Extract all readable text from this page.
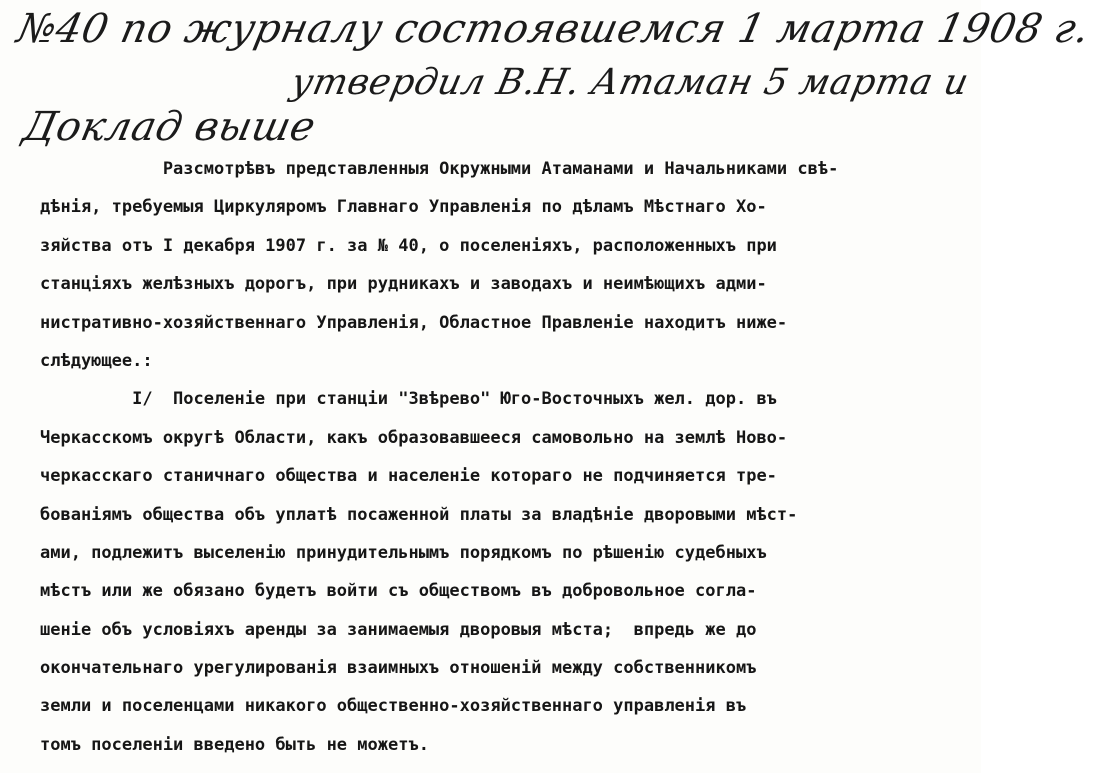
№40 по журналу состоявшемся 1 марта 1908 г.
утвердил В.Н. Атаман 5 марта и
Доклад выше
Разсмотрѣвъ представленныя Окружными Атаманами и Начальниками свѣ-
дѣнія, требуемыя Циркуляромъ Главнаго Управленія по дѣламъ Мѣстнаго Хо-
зяйства отъ I декабря 1907 г. за № 40, о поселеніяхъ, расположенныхъ при
станціяхъ желѣзныхъ дорогъ, при рудникахъ и заводахъ и неимѣющихъ адми-
нистративно-хозяйственнаго Управленія, Областное Правленіе находитъ ниже-
слѣдующее.:
I/  Поселеніе при станціи "Звѣрево" Юго-Восточныхъ жел. дор. въ
Черкасскомъ округѣ Области, какъ образовавшееся самовольно на землѣ Ново-
черкасскаго станичнаго общества и населеніе котораго не подчиняется тре-
бованіямъ общества объ уплатѣ посаженной платы за владѣніе дворовыми мѣст-
ами, подлежитъ выселенію принудительнымъ порядкомъ по рѣшенію судебныхъ
мѣстъ или же обязано будетъ войти съ обществомъ въ добровольное согла-
шеніе объ условіяхъ аренды за занимаемыя дворовыя мѣста;  впредь же до
окончательнаго урегулированія взаимныхъ отношеній между собственникомъ
земли и поселенцами никакого общественно-хозяйственнаго управленія въ
томъ поселеніи введено быть не можетъ.
